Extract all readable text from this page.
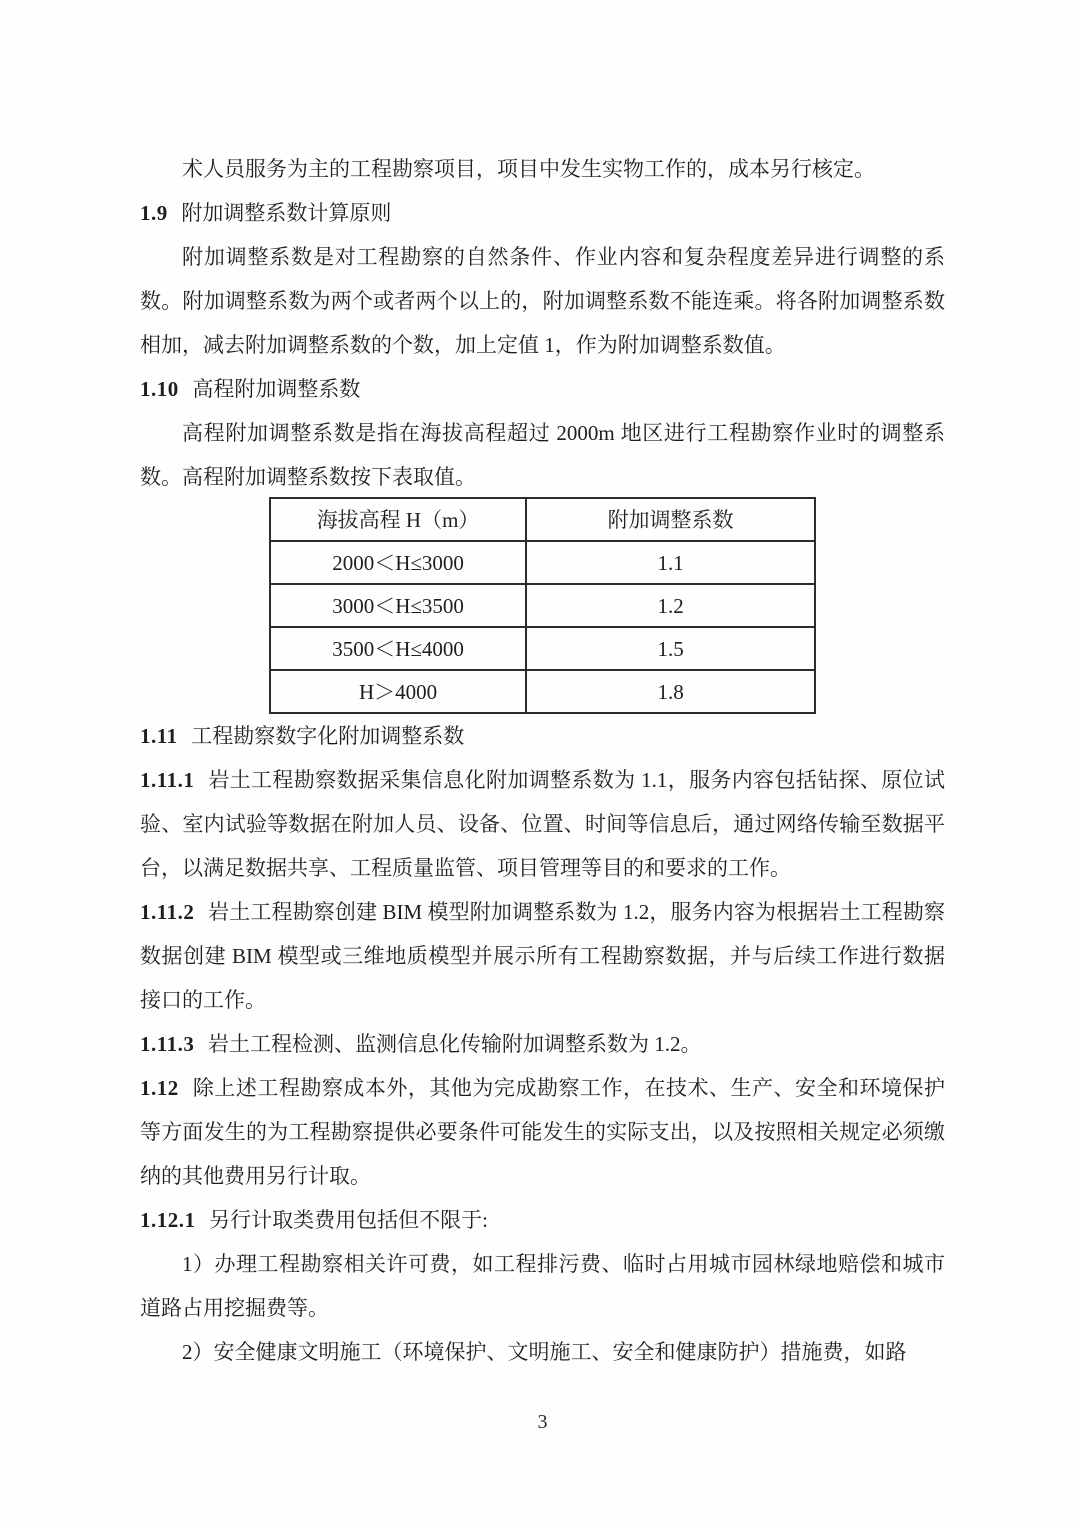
术人员服务为主的工程勘察项目，项目中发生实物工作的，成本另行核定。

1.9 附加调整系数计算原则

附加调整系数是对工程勘察的自然条件、作业内容和复杂程度差异进行调整的系数。附加调整系数为两个或者两个以上的，附加调整系数不能连乘。将各附加调整系数相加，减去附加调整系数的个数，加上定值 1，作为附加调整系数值。

1.10 高程附加调整系数

高程附加调整系数是指在海拔高程超过 2000m 地区进行工程勘察作业时的调整系数。高程附加调整系数按下表取值。

海拔高程 H（m）	附加调整系数
2000＜H≤3000	1.1
3000＜H≤3500	1.2
3500＜H≤4000	1.5
H＞4000	1.8

1.11 工程勘察数字化附加调整系数

1.11.1 岩土工程勘察数据采集信息化附加调整系数为 1.1，服务内容包括钻探、原位试验、室内试验等数据在附加人员、设备、位置、时间等信息后，通过网络传输至数据平台，以满足数据共享、工程质量监管、项目管理等目的和要求的工作。

1.11.2 岩土工程勘察创建 BIM 模型附加调整系数为 1.2，服务内容为根据岩土工程勘察数据创建 BIM 模型或三维地质模型并展示所有工程勘察数据，并与后续工作进行数据接口的工作。

1.11.3 岩土工程检测、监测信息化传输附加调整系数为 1.2。

1.12 除上述工程勘察成本外，其他为完成勘察工作，在技术、生产、安全和环境保护等方面发生的为工程勘察提供必要条件可能发生的实际支出，以及按照相关规定必须缴纳的其他费用另行计取。

1.12.1 另行计取类费用包括但不限于:

1）办理工程勘察相关许可费，如工程排污费、临时占用城市园林绿地赔偿和城市道路占用挖掘费等。

2）安全健康文明施工（环境保护、文明施工、安全和健康防护）措施费，如路

3
